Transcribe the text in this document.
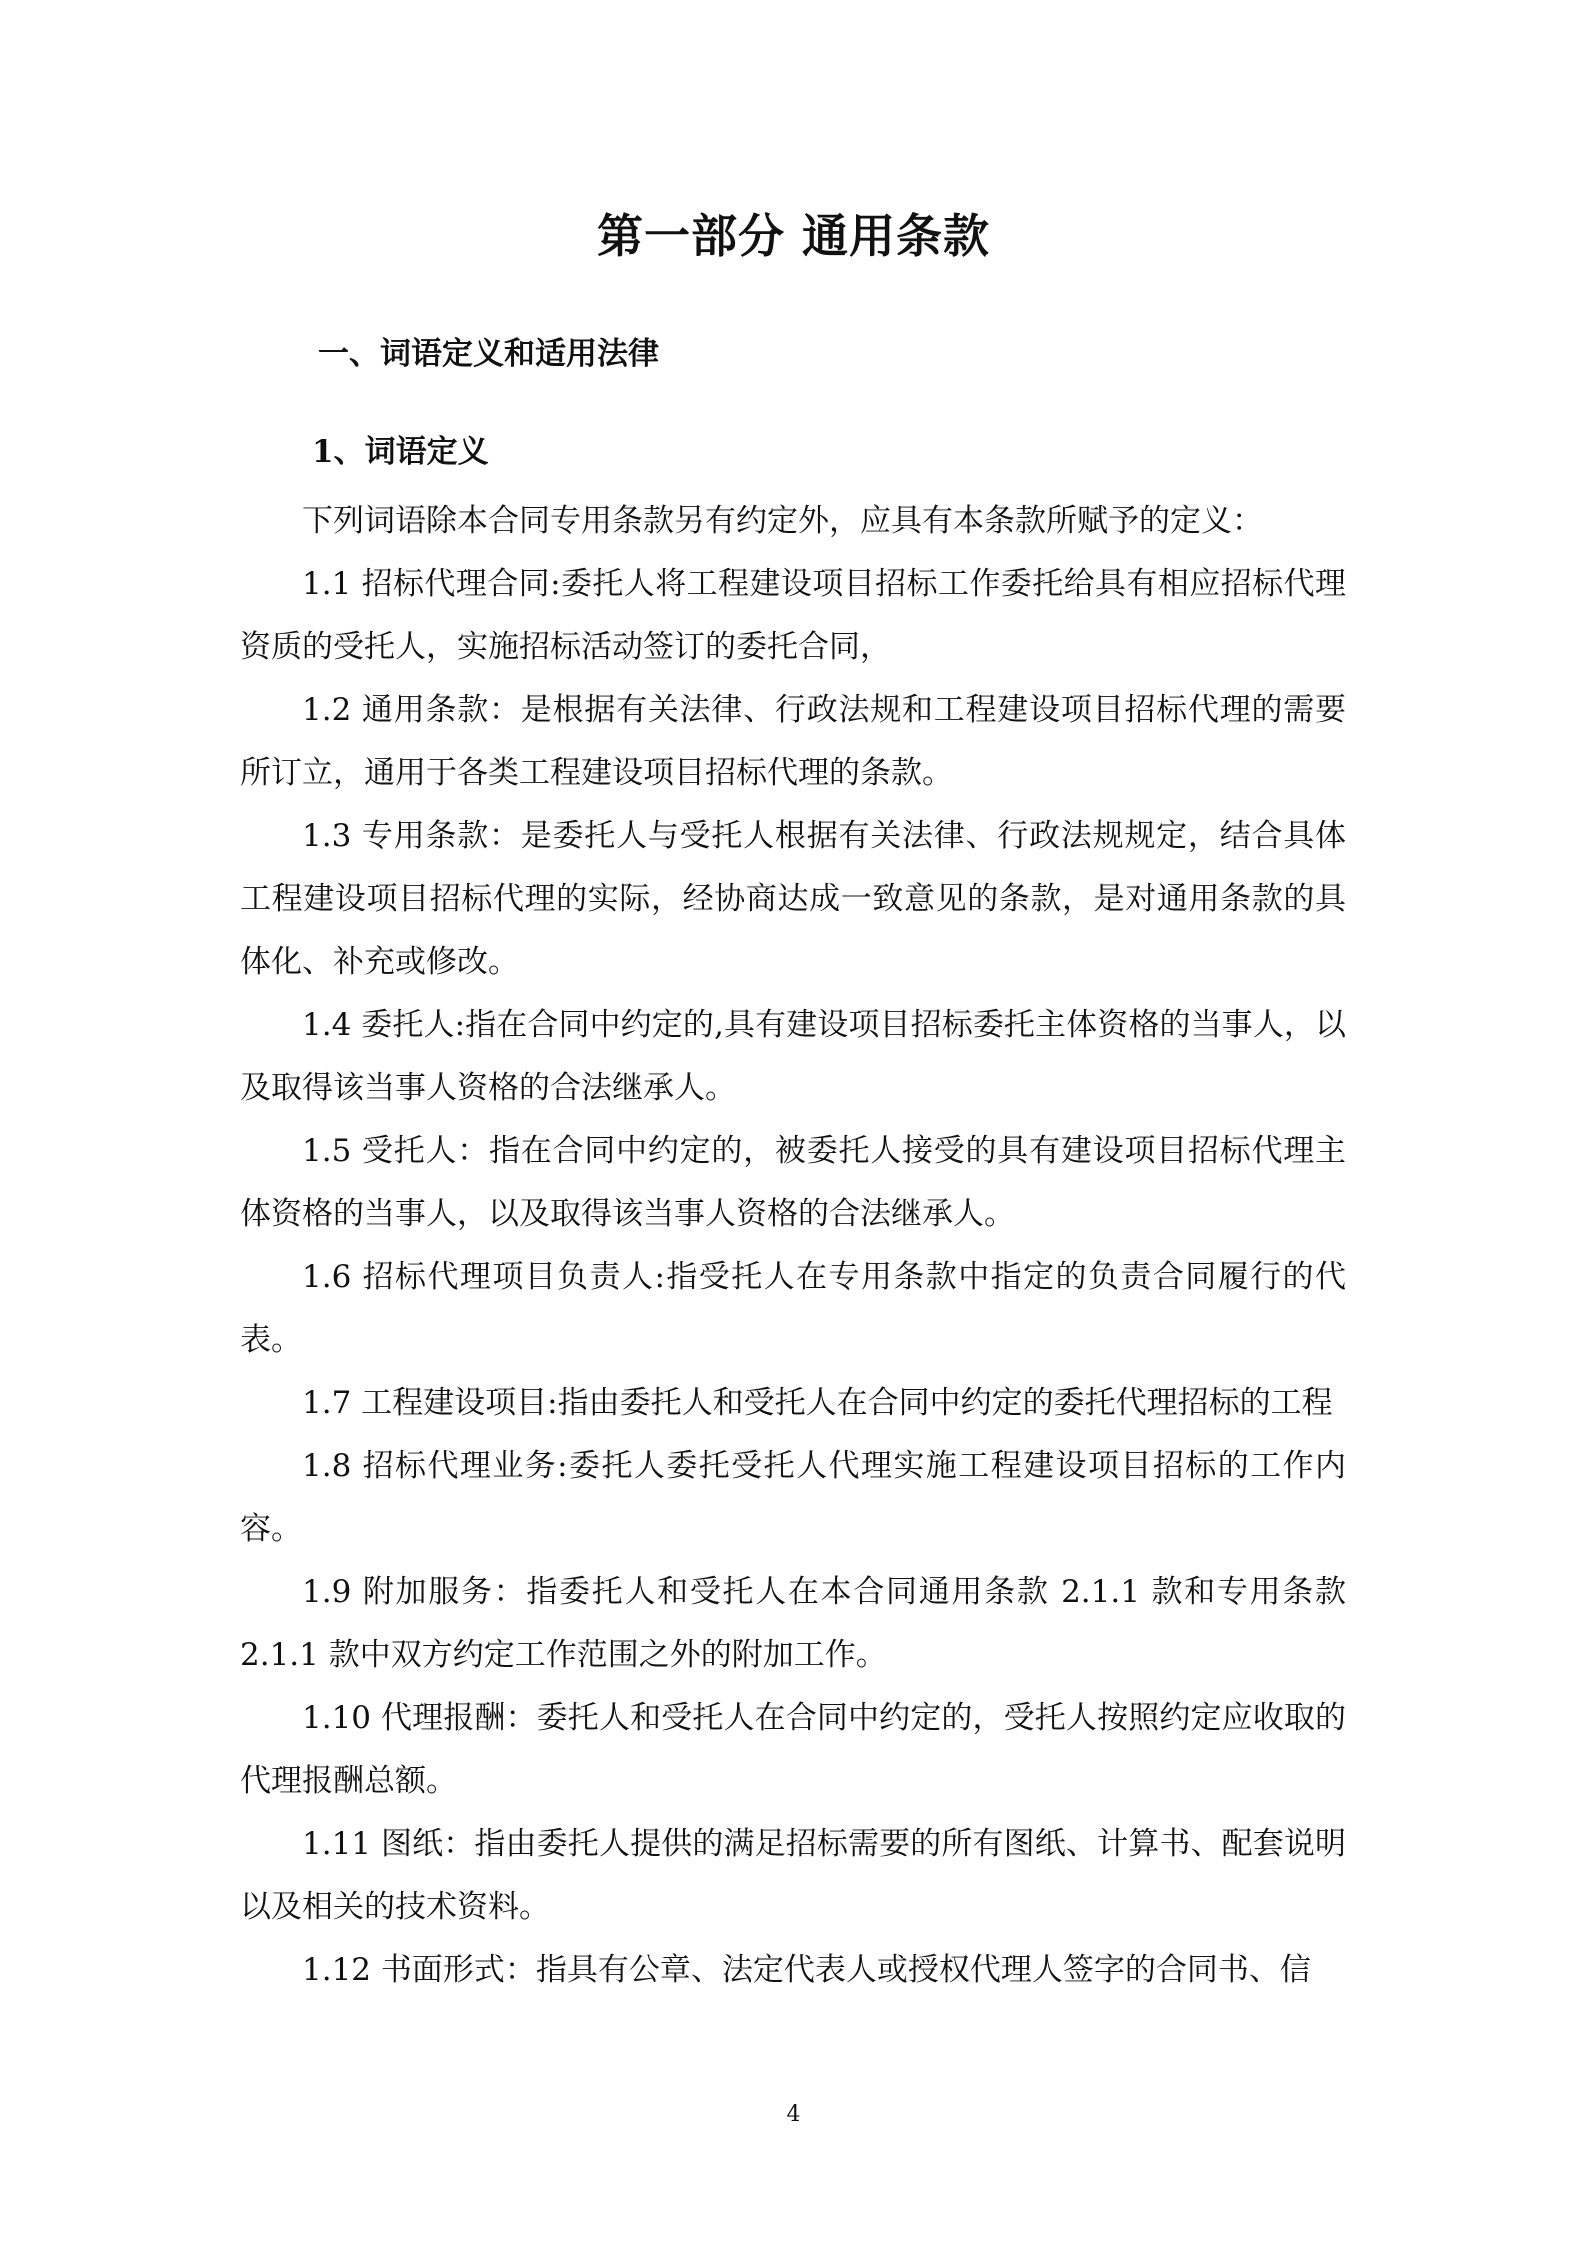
第一部分 通用条款
一、词语定义和适用法律
1、词语定义

下列词语除本合同专用条款另有约定外，应具有本条款所赋予的定义：

1.1 招标代理合同:委托人将工程建设项目招标工作委托给具有相应招标代理资质的受托人，实施招标活动签订的委托合同，

1.2 通用条款：是根据有关法律、行政法规和工程建设项目招标代理的需要所订立，通用于各类工程建设项目招标代理的条款。

1.3 专用条款：是委托人与受托人根据有关法律、行政法规规定，结合具体工程建设项目招标代理的实际，经协商达成一致意见的条款，是对通用条款的具体化、补充或修改。

1.4 委托人:指在合同中约定的,具有建设项目招标委托主体资格的当事人，以及取得该当事人资格的合法继承人。

1.5 受托人：指在合同中约定的，被委托人接受的具有建设项目招标代理主体资格的当事人，以及取得该当事人资格的合法继承人。

1.6 招标代理项目负责人:指受托人在专用条款中指定的负责合同履行的代表。

1.7 工程建设项目:指由委托人和受托人在合同中约定的委托代理招标的工程

1.8 招标代理业务:委托人委托受托人代理实施工程建设项目招标的工作内容。

1.9 附加服务：指委托人和受托人在本合同通用条款 2.1.1 款和专用条款 2.1.1 款中双方约定工作范围之外的附加工作。

1.10 代理报酬：委托人和受托人在合同中约定的，受托人按照约定应收取的代理报酬总额。

1.11 图纸：指由委托人提供的满足招标需要的所有图纸、计算书、配套说明以及相关的技术资料。

1.12 书面形式：指具有公章、法定代表人或授权代理人签字的合同书、信

4
